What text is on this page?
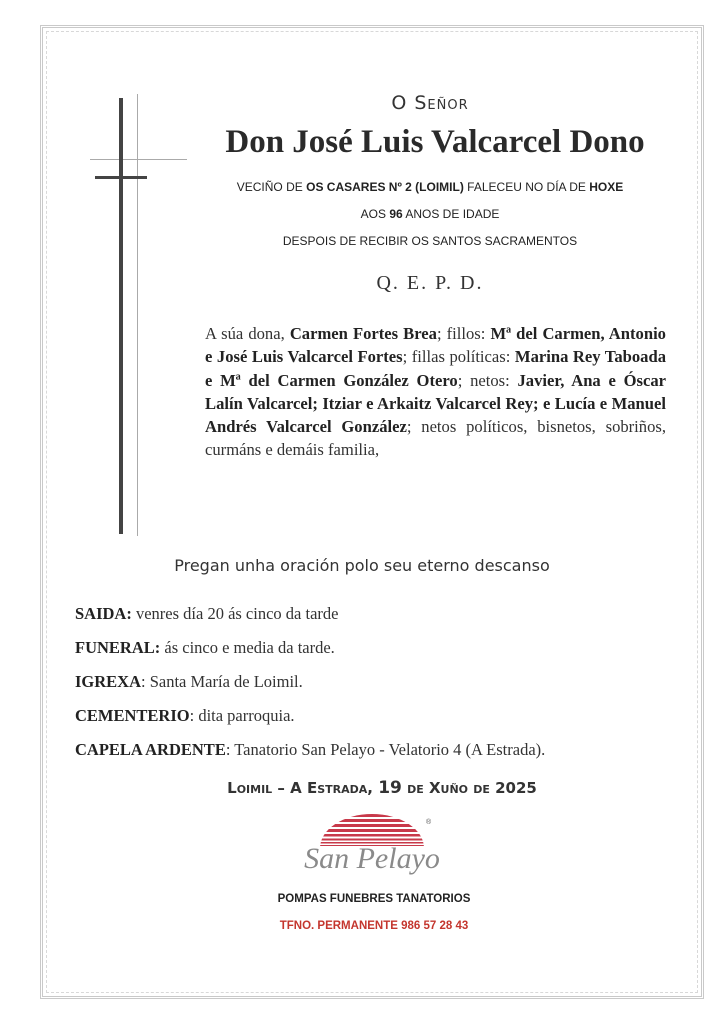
O Señor
Don José Luis Valcarcel Dono
VECIÑO DE OS CASARES Nº 2 (LOIMIL) FALECEU NO DÍA DE HOXE
AOS 96 ANOS DE IDADE
DESPOIS DE RECIBIR OS SANTOS SACRAMENTOS
Q. E. P. D.
A súa dona, Carmen Fortes Brea; fillos: Mª del Carmen, Antonio e José Luis Valcarcel Fortes; fillas políticas: Marina Rey Taboada e Mª del Carmen González Otero; netos: Javier, Ana e Óscar Lalín Valcarcel; Itziar e Arkaitz Valcarcel Rey; e Lucía e Manuel Andrés Valcarcel González; netos políticos, bisnetos, sobriños, curmáns e demáis familia,
Pregan unha oración polo seu eterno descanso
SAIDA: venres día 20 ás cinco da tarde
FUNERAL: ás cinco e media da tarde.
IGREXA: Santa María de Loimil.
CEMENTERIO: dita parroquia.
CAPELA ARDENTE: Tanatorio San Pelayo - Velatorio 4 (A Estrada).
Loimil – A Estrada, 19 de Xuño de 2025
®
San Pelayo
POMPAS FUNEBRES TANATORIOS
TFNO. PERMANENTE 986 57 28 43
